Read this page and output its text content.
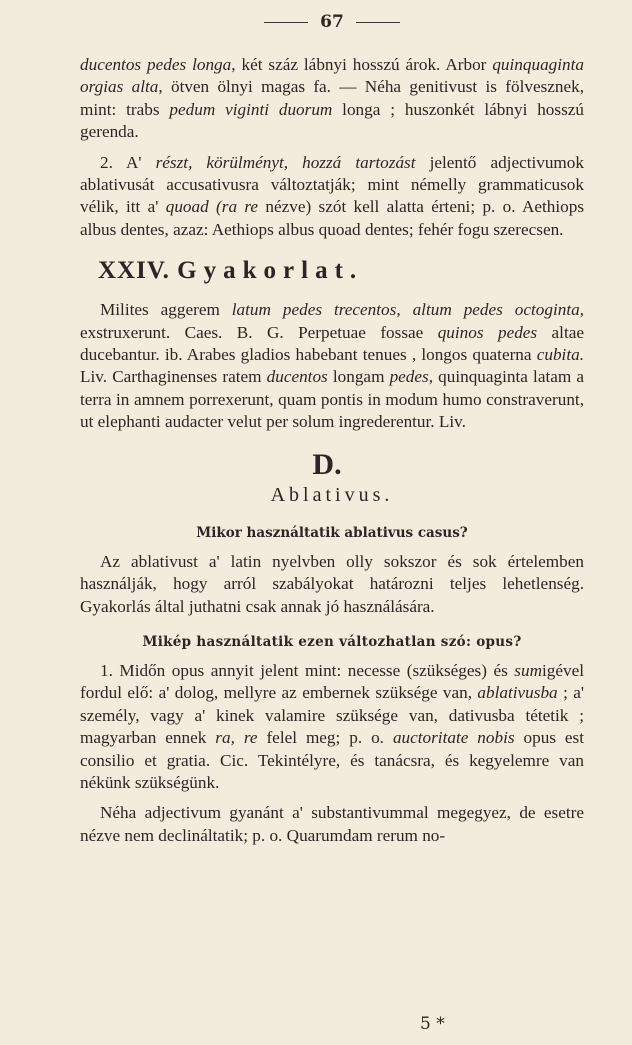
67

ducentos pedes longa, két száz lábnyi hosszú árok. Arbor quinquaginta orgias alta, ötven ölnyi magas fa. — Néha genitivust is fölvesznek, mint: trabs pedum viginti duorum longa ; huszonkét lábnyi hosszú gerenda.

2. A' részt, körülményt, hozzá tartozást jelentő adjectivumok ablativusát accusativusra változtatják; mint némelly grammaticusok vélik, itt a' quoad (ra re nézve) szót kell alatta érteni; p. o. Aethiops albus dentes, azaz: Aethiops albus quoad dentes; fehér fogu szerecsen.

XXIV. Gyakorlat.

Milites aggerem latum pedes trecentos, altum pedes octoginta, exstruxerunt. Caes. B. G. Perpetuae fossae quinos pedes altae ducebantur. ib. Arabes gladios habebant tenues , longos quaterna cubita. Liv. Carthaginenses ratem ducentos longam pedes, quinquaginta latam a terra in amnem porrexerunt, quam pontis in modum humo constraverunt, ut elephanti audacter velut per solum ingrederentur. Liv.

D.
Ablativus.
Mikor használtatik ablativus casus?

Az ablativust a' latin nyelvben olly sokszor és sok értelemben használják, hogy arról szabályokat határozni teljes lehetlenség. Gyakorlás által juthatni csak annak jó használására.

Mikép használtatik ezen változhatlan szó: opus?

1. Midőn opus annyit jelent mint: necesse (szükséges) és sumigével fordul elő: a' dolog, mellyre az embernek szüksége van, ablativusba ; a' személy, vagy a' kinek valamire szüksége van, dativusba tétetik ; magyarban ennek ra, re felel meg; p. o. auctoritate nobis opus est consilio et gratia. Cic. Tekintélyre, és tanácsra, és kegyelemre van nékünk szükségünk.

Néha adjectivum gyanánt a' substantivummal megegyez, de esetre nézve nem declináltatik; p. o. Quarumdam rerum no-

5 *
